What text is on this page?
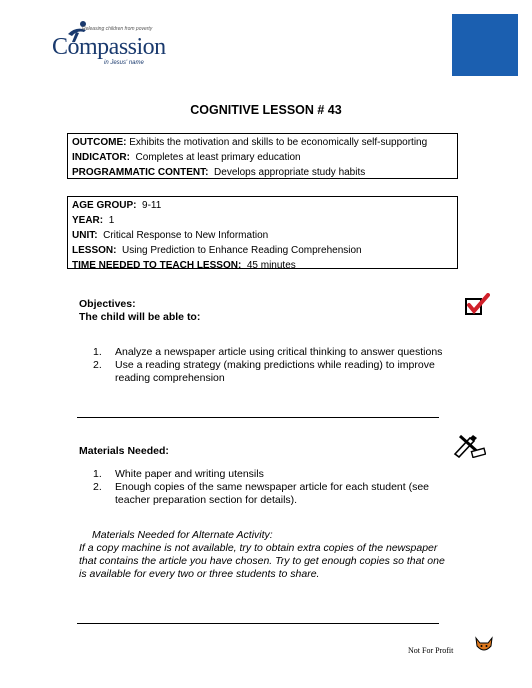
Releasing children from poverty
Compassion
in Jesus' name
COGNITIVE LESSON # 43
OUTCOME: Exhibits the motivation and skills to be economically self-supporting
INDICATOR: Completes at least primary education
PROGRAMMATIC CONTENT: Develops appropriate study habits
AGE GROUP: 9-11
YEAR: 1
UNIT: Critical Response to New Information
LESSON: Using Prediction to Enhance Reading Comprehension
TIME NEEDED TO TEACH LESSON: 45 minutes
Objectives:
The child will be able to:
1.	Analyze a newspaper article using critical thinking to answer questions
2.	Use a reading strategy (making predictions while reading) to improve reading comprehension
Materials Needed:
1.	White paper and writing utensils
2.	Enough copies of the same newspaper article for each student (see teacher preparation section for details).
Materials Needed for Alternate Activity:
If a copy machine is not available, try to obtain extra copies of the newspaper that contains the article you have chosen. Try to get enough copies so that one is available for every two or three students to share.
Not For Profit
